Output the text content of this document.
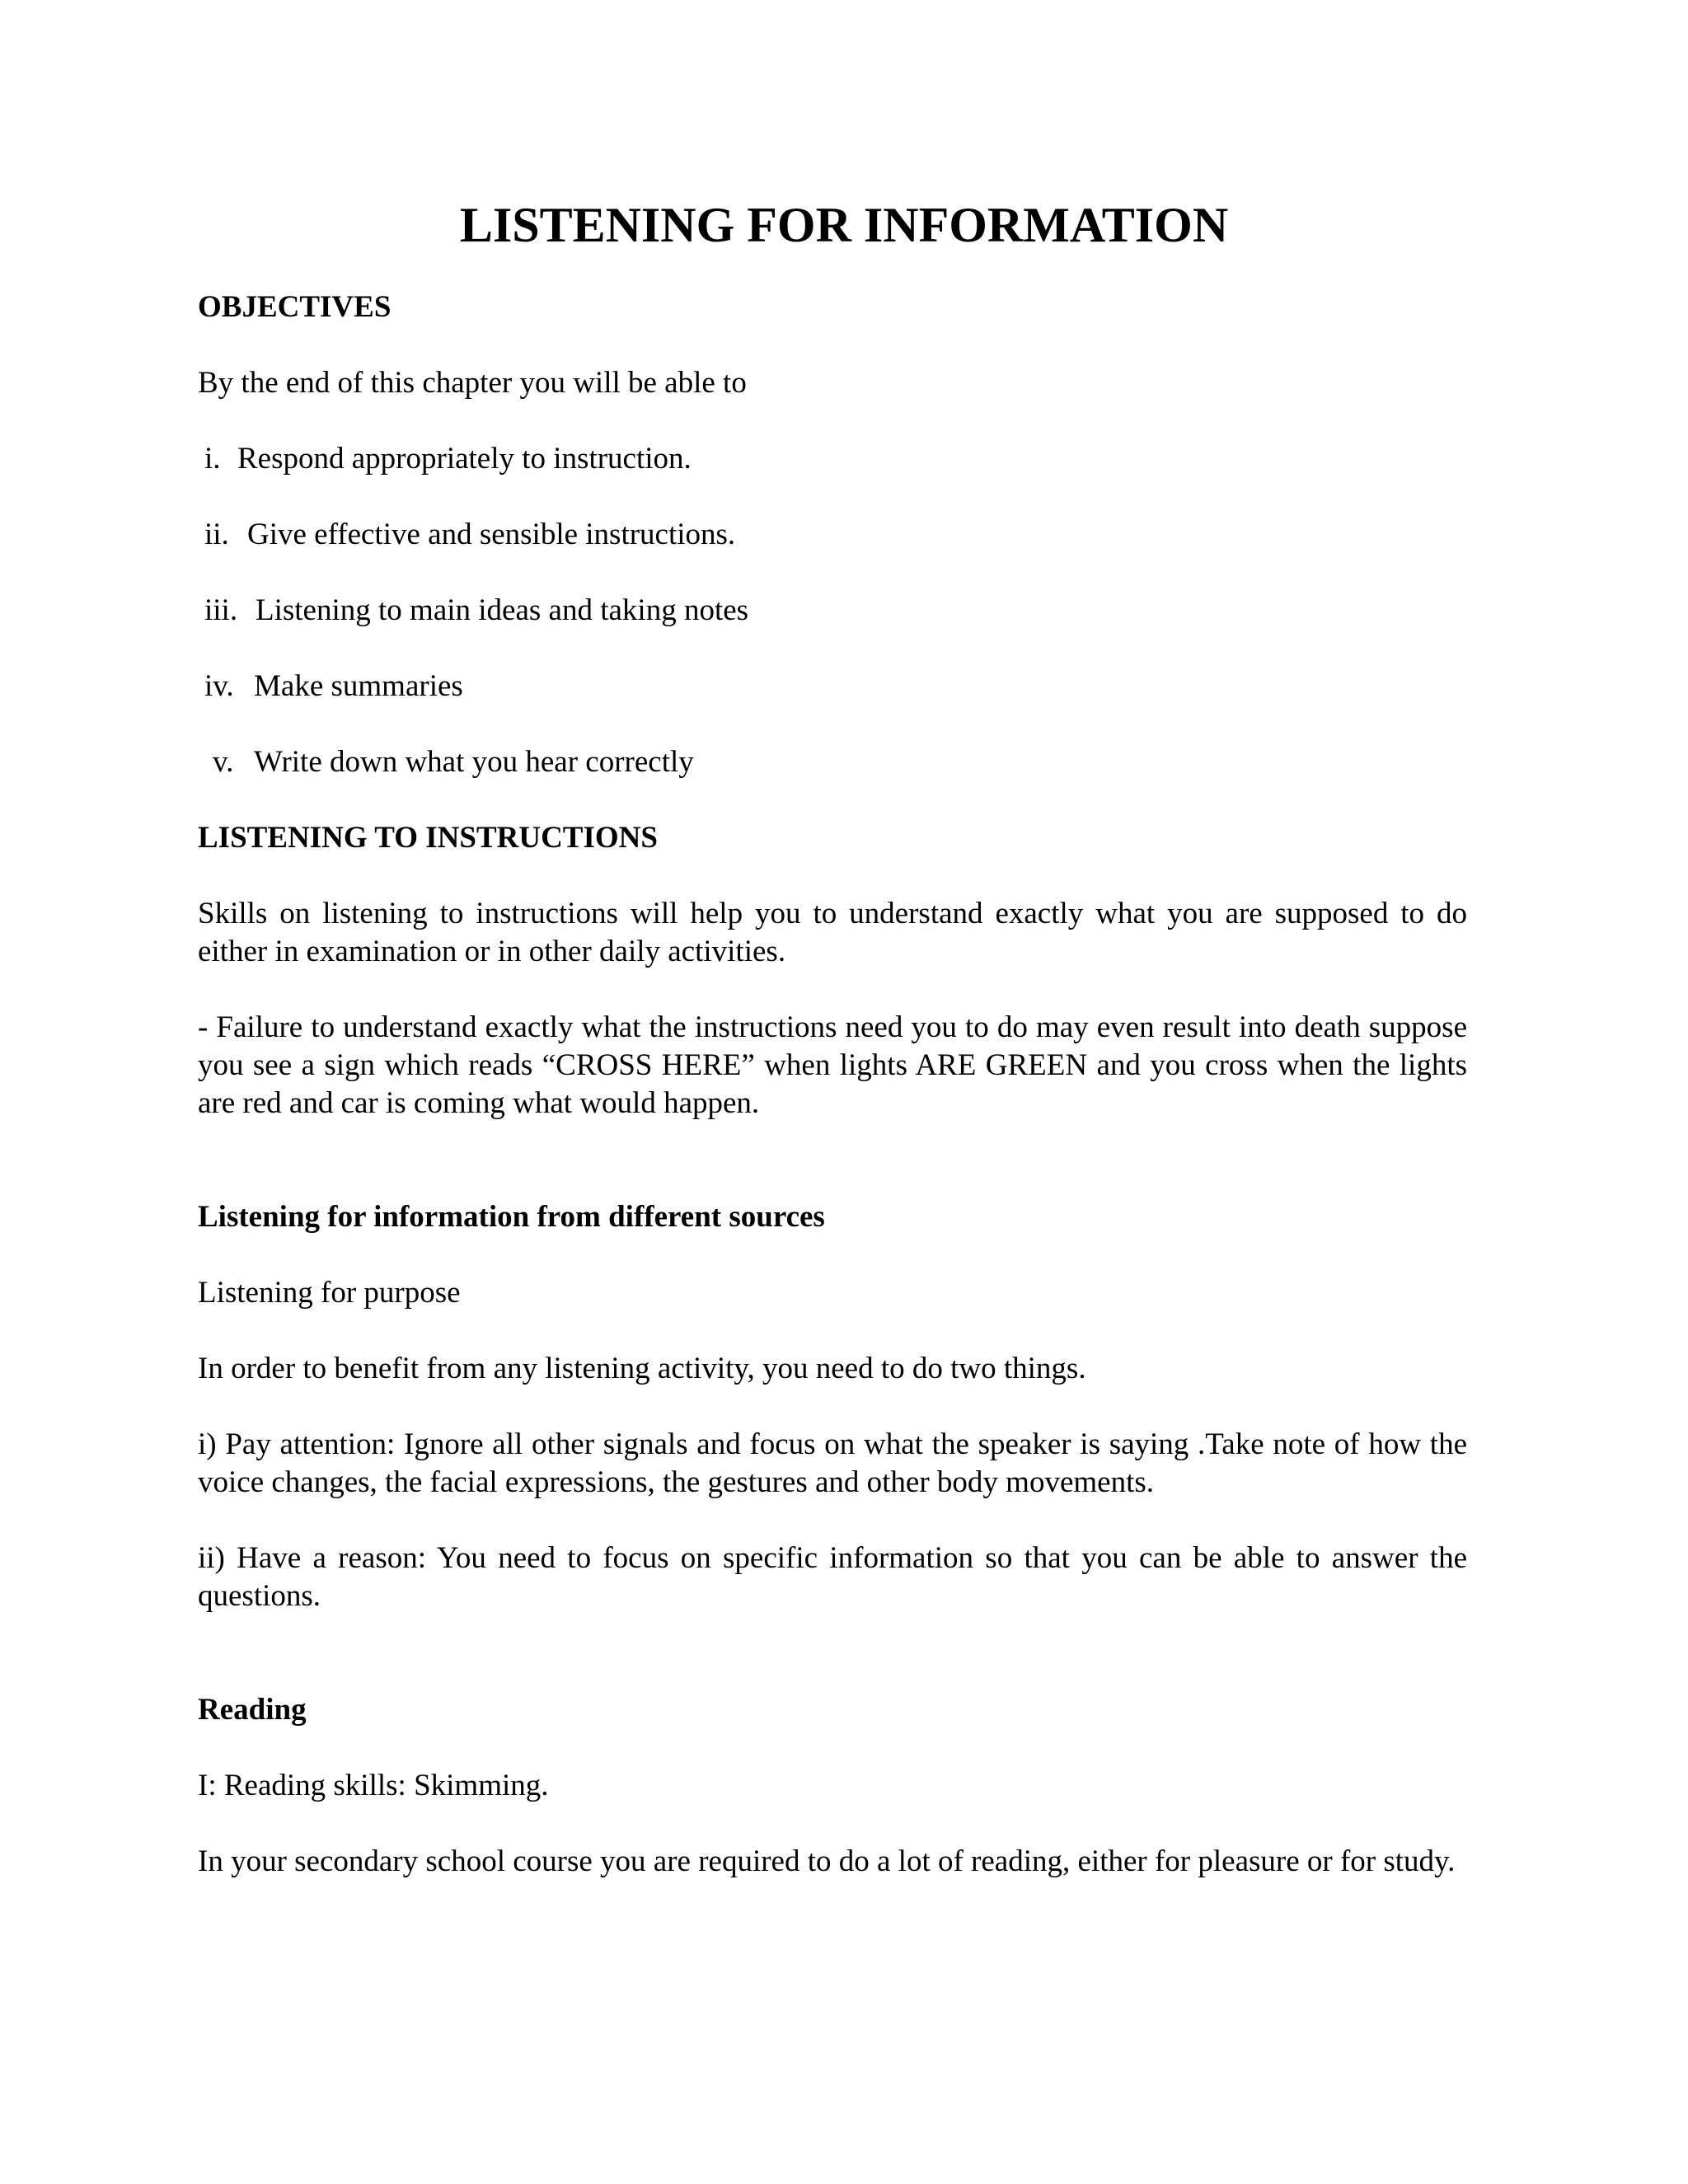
LISTENING FOR INFORMATION
OBJECTIVES
By the end of this chapter you will be able to
i. Respond appropriately to instruction.
ii. Give effective and sensible instructions.
iii. Listening to main ideas and taking notes
iv. Make summaries
v. Write down what you hear correctly
LISTENING TO INSTRUCTIONS
Skills on listening to instructions will help you to understand exactly what you are supposed to do either in examination or in other daily activities.
- Failure to understand exactly what the instructions need you to do may even result into death suppose you see a sign which reads “CROSS HERE” when lights ARE GREEN and you cross when the lights are red and car is coming what would happen.
Listening for information from different sources
Listening for purpose
In order to benefit from any listening activity, you need to do two things.
i) Pay attention: Ignore all other signals and focus on what the speaker is saying .Take note of how the voice changes, the facial expressions, the gestures and other body movements.
ii) Have a reason: You need to focus on specific information so that you can be able to answer the questions.
Reading
I: Reading skills: Skimming.
In your secondary school course you are required to do a lot of reading, either for pleasure or for study.
